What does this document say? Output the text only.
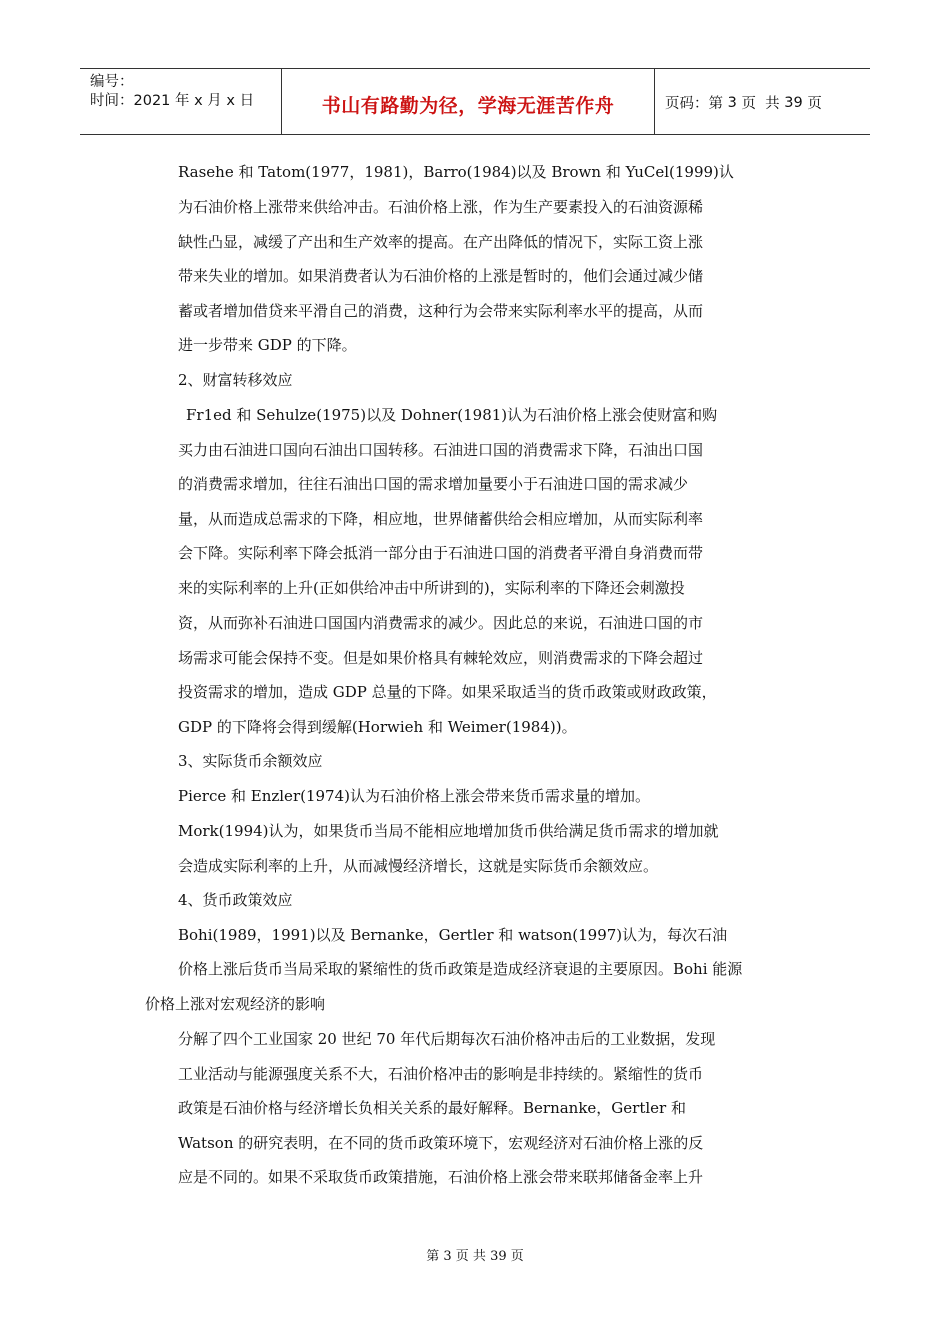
编号：
时间：2021 年 x 月 x 日	书山有路勤为径，学海无涯苦作舟	页码：第 3 页  共 39 页
Rasehe 和 Tatom(1977，1981)，Barro(1984)以及 Brown 和 YuCel(1999)认
为石油价格上涨带来供给冲击。石油价格上涨，作为生产要素投入的石油资源稀
缺性凸显，减缓了产出和生产效率的提高。在产出降低的情况下，实际工资上涨
带来失业的增加。如果消费者认为石油价格的上涨是暂时的，他们会通过减少储
蓄或者增加借贷来平滑自己的消费，这种行为会带来实际利率水平的提高，从而
进一步带来 GDP 的下降。
2、财富转移效应
Fr1ed 和 Sehulze(1975)以及 Dohner(1981)认为石油价格上涨会使财富和购
买力由石油进口国向石油出口国转移。石油进口国的消费需求下降，石油出口国
的消费需求增加，往往石油出口国的需求增加量要小于石油进口国的需求减少
量，从而造成总需求的下降，相应地，世界储蓄供给会相应增加，从而实际利率
会下降。实际利率下降会抵消一部分由于石油进口国的消费者平滑自身消费而带
来的实际利率的上升(正如供给冲击中所讲到的)，实际利率的下降还会刺激投
资，从而弥补石油进口国国内消费需求的减少。因此总的来说，石油进口国的市
场需求可能会保持不变。但是如果价格具有棘轮效应，则消费需求的下降会超过
投资需求的增加，造成 GDP 总量的下降。如果采取适当的货币政策或财政政策，
GDP 的下降将会得到缓解(Horwieh 和 Weimer(1984))。
3、实际货币余额效应
Pierce 和 Enzler(1974)认为石油价格上涨会带来货币需求量的增加。
Mork(1994)认为，如果货币当局不能相应地增加货币供给满足货币需求的增加就
会造成实际利率的上升，从而减慢经济增长，这就是实际货币余额效应。
4、货币政策效应
Bohi(1989，1991)以及 Bernanke，Gertler 和 watson(1997)认为，每次石油
价格上涨后货币当局采取的紧缩性的货币政策是造成经济衰退的主要原因。Bohi 能源
价格上涨对宏观经济的影响
分解了四个工业国家 20 世纪 70 年代后期每次石油价格冲击后的工业数据，发现
工业活动与能源强度关系不大，石油价格冲击的影响是非持续的。紧缩性的货币
政策是石油价格与经济增长负相关关系的最好解释。Bernanke，Gertler 和
Watson 的研究表明，在不同的货币政策环境下，宏观经济对石油价格上涨的反
应是不同的。如果不采取货币政策措施，石油价格上涨会带来联邦储备金率上升
第 3 页 共 39 页
